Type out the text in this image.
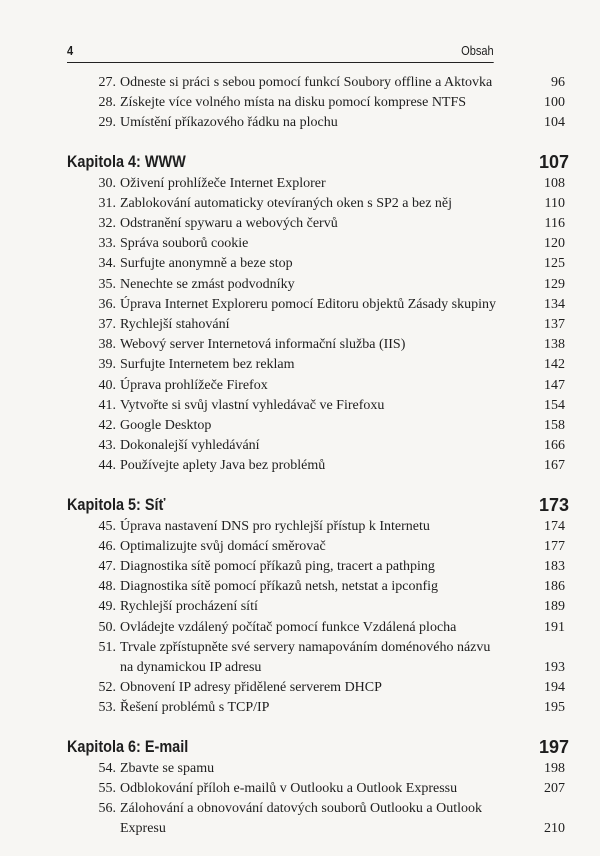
4	Obsah
27. Odneste si práci s sebou pomocí funkcí Soubory offline a Aktovka	96
28. Získejte více volného místa na disku pomocí komprese NTFS	100
29. Umístění příkazového řádku na plochu	104
Kapitola 4: WWW	107
30. Oživení prohlížeče Internet Explorer	108
31. Zablokování automaticky otevíraných oken s SP2 a bez něj	110
32. Odstranění spywaru a webových červů	116
33. Správa souborů cookie	120
34. Surfujte anonymně a beze stop	125
35. Nenechte se zmást podvodníky	129
36. Úprava Internet Exploreru pomocí Editoru objektů Zásady skupiny	134
37. Rychlejší stahování	137
38. Webový server Internetová informační služba (IIS)	138
39. Surfujte Internetem bez reklam	142
40. Úprava prohlížeče Firefox	147
41. Vytvořte si svůj vlastní vyhledávač ve Firefoxu	154
42. Google Desktop	158
43. Dokonalejší vyhledávání	166
44. Používejte aplety Java bez problémů	167
Kapitola 5: Síť	173
45. Úprava nastavení DNS pro rychlejší přístup k Internetu	174
46. Optimalizujte svůj domácí směrovač	177
47. Diagnostika sítě pomocí příkazů ping, tracert a pathping	183
48. Diagnostika sítě pomocí příkazů netsh, netstat a ipconfig	186
49. Rychlejší procházení sítí	189
50. Ovládejte vzdálený počítač pomocí funkce Vzdálená plocha	191
51. Trvale zpřístupněte své servery namapováním doménového názvu
na dynamickou IP adresu	193
52. Obnovení IP adresy přidělené serverem DHCP	194
53. Řešení problémů s TCP/IP	195
Kapitola 6: E-mail	197
54. Zbavte se spamu	198
55. Odblokování příloh e-mailů v Outlooku a Outlook Expressu	207
56. Zálohování a obnovování datových souborů Outlooku a Outlook Expresu	210
